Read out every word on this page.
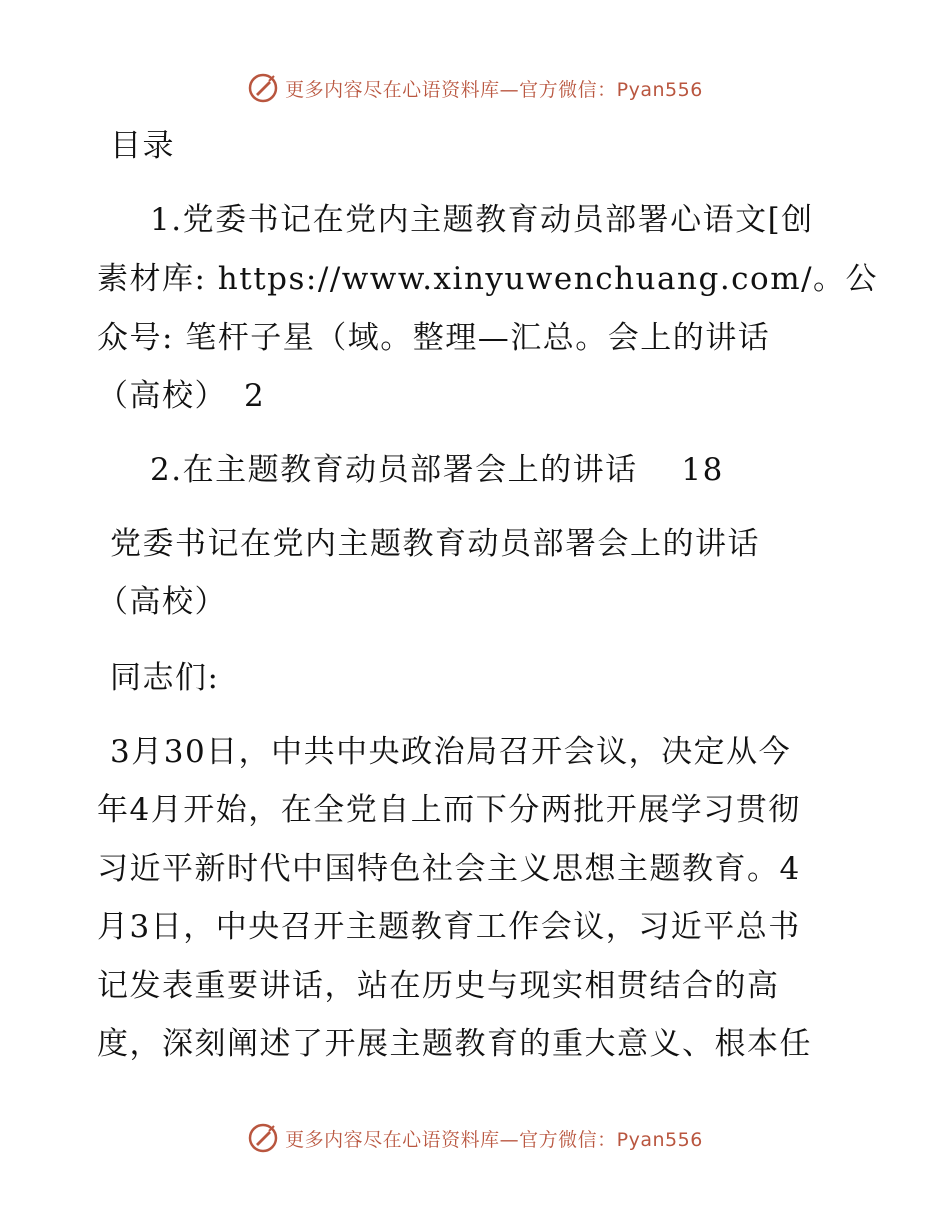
更多内容尽在心语资料库—官方微信：Pyan556
目录
1.党委书记在党内主题教育动员部署心语文[创
素材库: https://www.xinyuwenchuang.com/。公
众号: 笔杆子星（域。整理—汇总。会上的讲话
（高校）　2
2.在主题教育动员部署会上的讲话　 18
党委书记在党内主题教育动员部署会上的讲话
（高校）
同志们:
3月30日，中共中央政治局召开会议，决定从今
年4月开始，在全党自上而下分两批开展学习贯彻
习近平新时代中国特色社会主义思想主题教育。4
月3日，中央召开主题教育工作会议，习近平总书
记发表重要讲话，站在历史与现实相贯结合的高
度，深刻阐述了开展主题教育的重大意义、根本任
更多内容尽在心语资料库—官方微信：Pyan556
